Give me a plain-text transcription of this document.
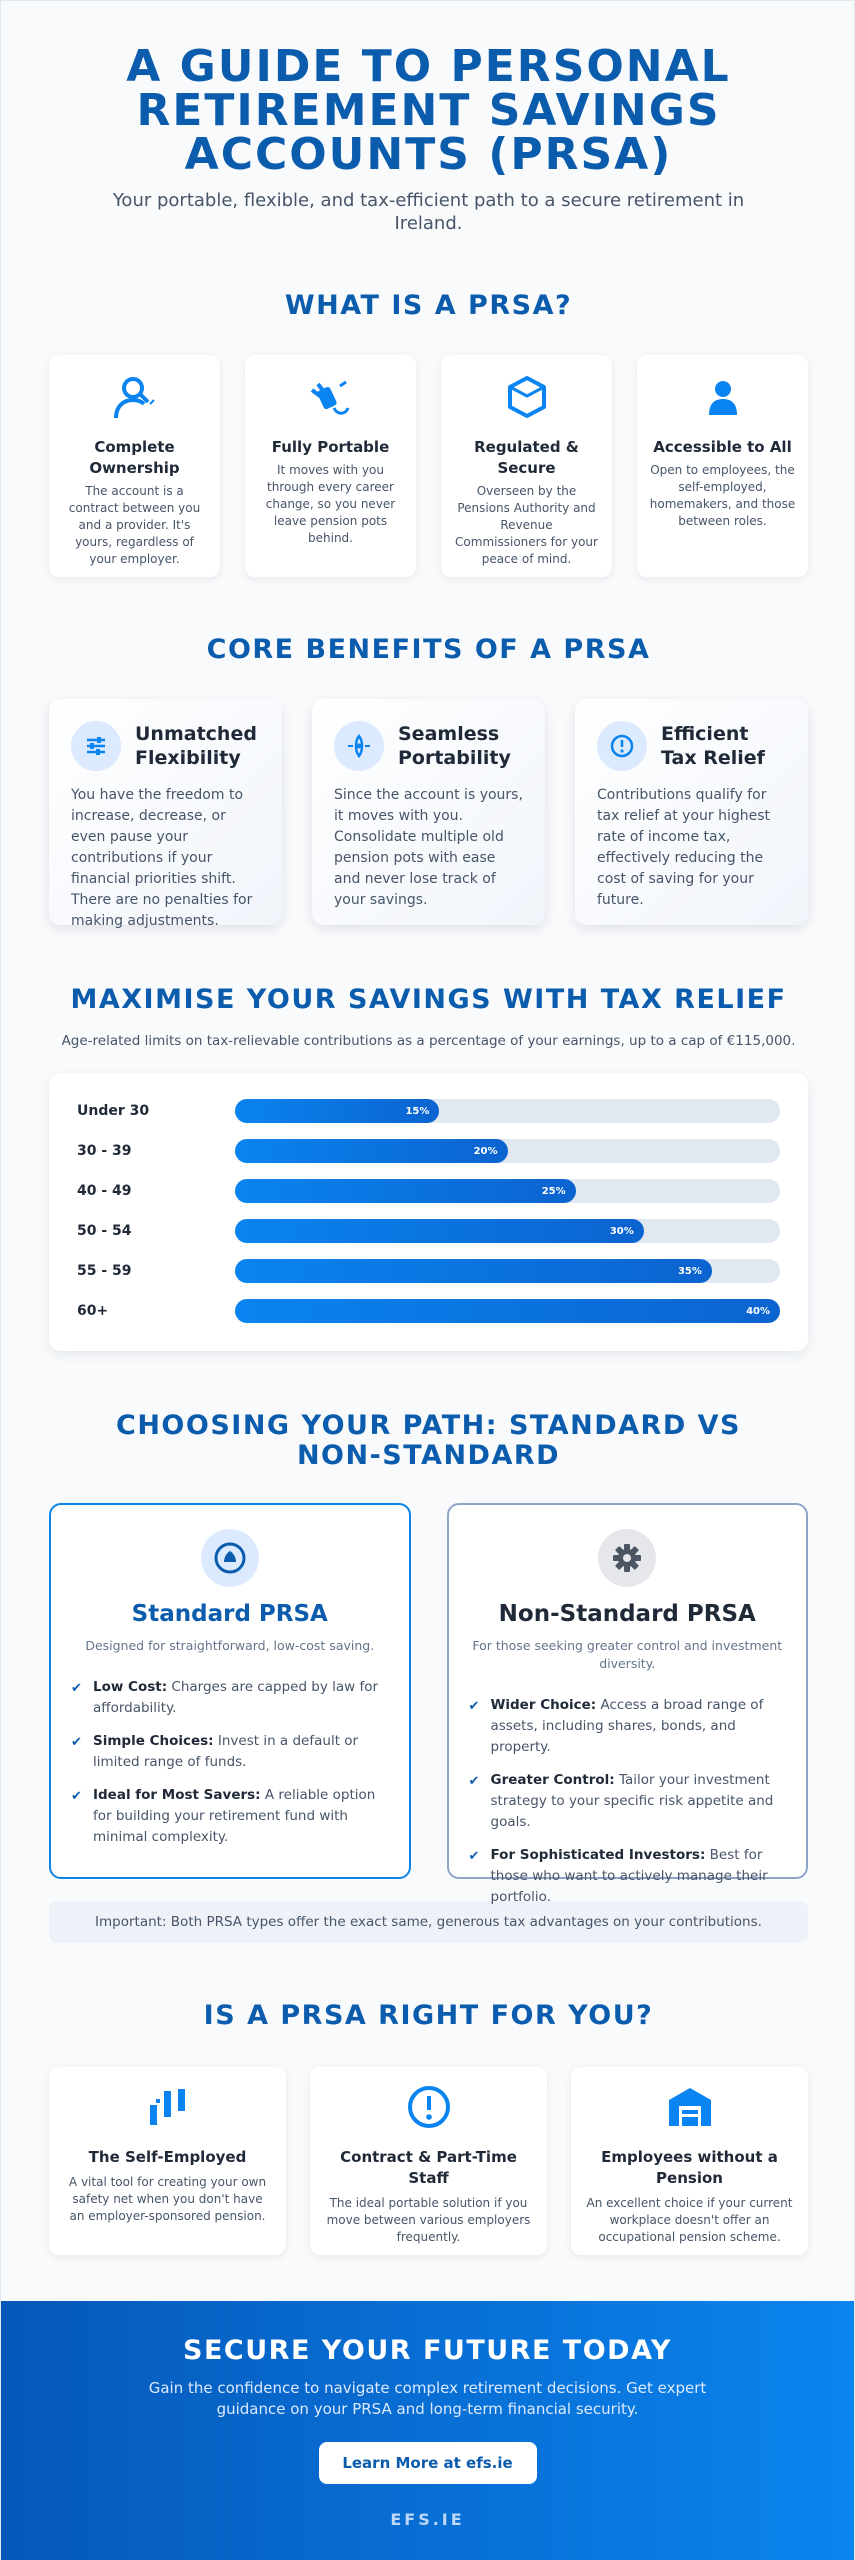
A GUIDE TO PERSONAL RETIREMENT SAVINGS ACCOUNTS (PRSA)

Your portable, flexible, and tax-efficient path to a secure retirement in Ireland.

WHAT IS A PRSA?
Complete Ownership

The account is a contract between you and a provider. It's yours, regardless of your employer.

Fully Portable

It moves with you through every career change, so you never leave pension pots behind.

Regulated & Secure

Overseen by the Pensions Authority and Revenue Commissioners for your peace of mind.

Accessible to All

Open to employees, the self-employed, homemakers, and those between roles.

CORE BENEFITS OF A PRSA
Unmatched Flexibility

You have the freedom to increase, decrease, or even pause your contributions if your financial priorities shift. There are no penalties for making adjustments.

Seamless Portability

Since the account is yours, it moves with you. Consolidate multiple old pension pots with ease and never lose track of your savings.

Efficient Tax Relief

Contributions qualify for tax relief at your highest rate of income tax, effectively reducing the cost of saving for your future.

MAXIMISE YOUR SAVINGS WITH TAX RELIEF
Age-related limits on tax-relievable contributions as a percentage of your earnings, up to a cap of €115,000.
Under 30	15%
30 - 39	20%
40 - 49	25%
50 - 54	30%
55 - 59	35%
60+	40%
CHOOSING YOUR PATH: STANDARD VS NON-STANDARD
Standard PRSA
Designed for straightforward, low-cost saving.
✔ Low Cost: Charges are capped by law for affordability.
✔ Simple Choices: Invest in a default or limited range of funds.
✔ Ideal for Most Savers: A reliable option for building your retirement fund with minimal complexity.
Non-Standard PRSA
For those seeking greater control and investment diversity.
✔ Wider Choice: Access a broad range of assets, including shares, bonds, and property.
✔ Greater Control: Tailor your investment strategy to your specific risk appetite and goals.
✔ For Sophisticated Investors: Best for those who want to actively manage their portfolio.
Important: Both PRSA types offer the exact same, generous tax advantages on your contributions.
IS A PRSA RIGHT FOR YOU?
The Self-Employed

A vital tool for creating your own safety net when you don't have an employer-sponsored pension.

Contract & Part-Time Staff

The ideal portable solution if you move between various employers frequently.

Employees without a Pension

An excellent choice if your current workplace doesn't offer an occupational pension scheme.

SECURE YOUR FUTURE TODAY

Gain the confidence to navigate complex retirement decisions. Get expert guidance on your PRSA and long-term financial security.

Learn More at efs.ie
EFS.IE
